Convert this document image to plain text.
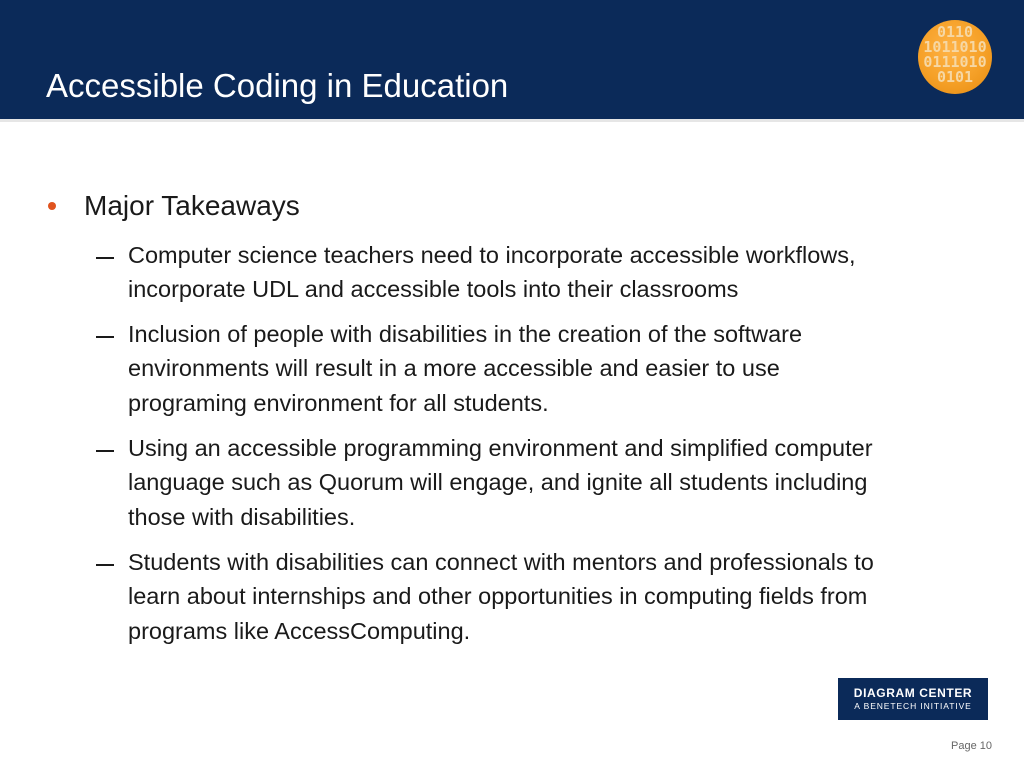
Accessible Coding in Education
0110
1011010
0111010
0101
Major Takeaways
Computer science teachers need to incorporate accessible workflows,
incorporate UDL and accessible tools into their classrooms
Inclusion of people with disabilities in the creation of the software
environments will result in a more accessible and easier to use
programing environment for all students.
Using an accessible programming environment and simplified computer
language such as Quorum will engage, and ignite all students including
those with disabilities.
Students with disabilities can connect with mentors and professionals to
learn about internships and other opportunities in computing fields from
programs like AccessComputing.
DIAGRAM CENTER
A BENETECH INITIATIVE
Page 10
